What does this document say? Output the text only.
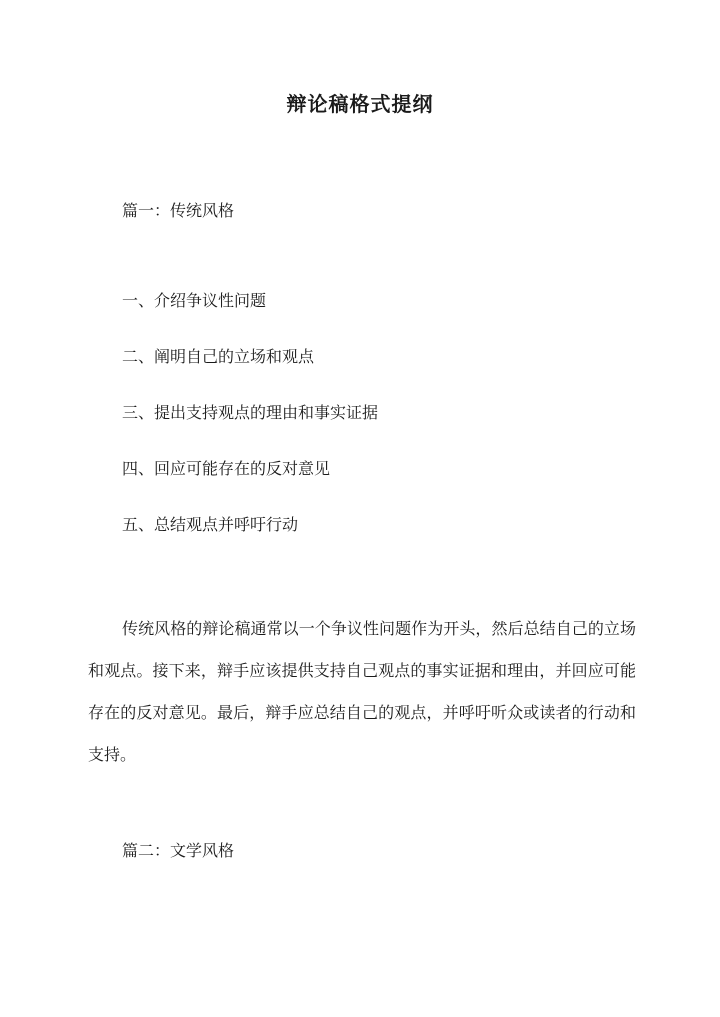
辩论稿格式提纲
篇一：传统风格
一、介绍争议性问题
二、阐明自己的立场和观点
三、提出支持观点的理由和事实证据
四、回应可能存在的反对意见
五、总结观点并呼吁行动

传统风格的辩论稿通常以一个争议性问题作为开头，然后总结自己的立场和观点。接下来，辩手应该提供支持自己观点的事实证据和理由，并回应可能存在的反对意见。最后，辩手应总结自己的观点，并呼吁听众或读者的行动和支持。

篇二：文学风格
